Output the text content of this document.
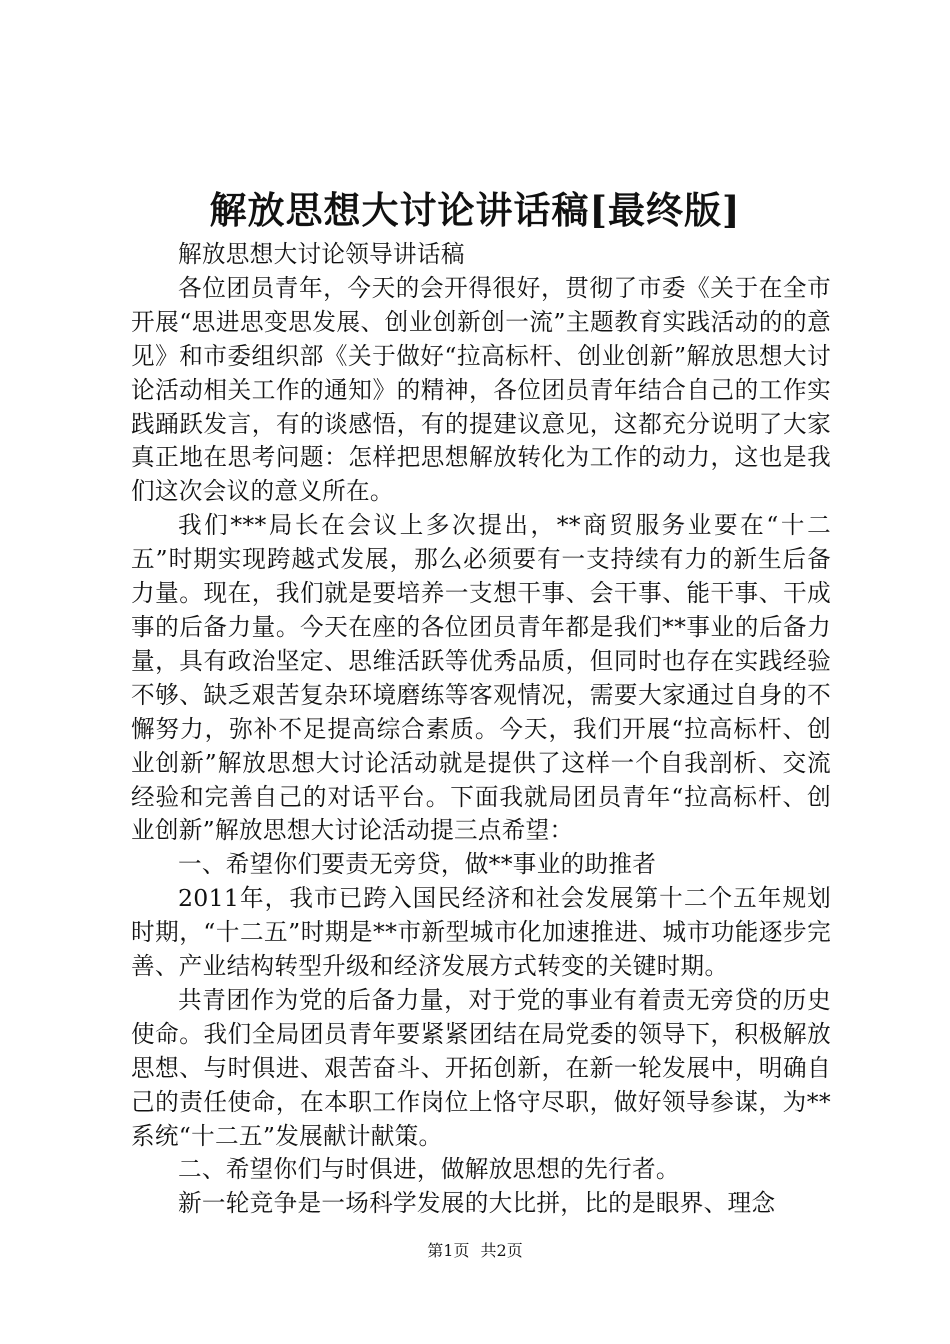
解放思想大讨论讲话稿[最终版]

解放思想大讨论领导讲话稿

各位团员青年，今天的会开得很好，贯彻了市委《关于在全市开展“思进思变思发展、创业创新创一流”主题教育实践活动的的意见》和市委组织部《关于做好“拉高标杆、创业创新”解放思想大讨论活动相关工作的通知》的精神，各位团员青年结合自己的工作实践踊跃发言，有的谈感悟，有的提建议意见，这都充分说明了大家真正地在思考问题：怎样把思想解放转化为工作的动力，这也是我们这次会议的意义所在。

我们***局长在会议上多次提出，**商贸服务业要在“十二五”时期实现跨越式发展，那么必须要有一支持续有力的新生后备力量。现在，我们就是要培养一支想干事、会干事、能干事、干成事的后备力量。今天在座的各位团员青年都是我们**事业的后备力量，具有政治坚定、思维活跃等优秀品质，但同时也存在实践经验不够、缺乏艰苦复杂环境磨练等客观情况，需要大家通过自身的不懈努力，弥补不足提高综合素质。今天，我们开展“拉高标杆、创业创新”解放思想大讨论活动就是提供了这样一个自我剖析、交流经验和完善自己的对话平台。下面我就局团员青年“拉高标杆、创业创新”解放思想大讨论活动提三点希望：

一、希望你们要责无旁贷，做**事业的助推者

2011年，我市已跨入国民经济和社会发展第十二个五年规划时期，“十二五”时期是**市新型城市化加速推进、城市功能逐步完善、产业结构转型升级和经济发展方式转变的关键时期。

共青团作为党的后备力量，对于党的事业有着责无旁贷的历史使命。我们全局团员青年要紧紧团结在局党委的领导下，积极解放思想、与时俱进、艰苦奋斗、开拓创新，在新一轮发展中，明确自己的责任使命，在本职工作岗位上恪守尽职，做好领导参谋，为**系统“十二五”发展献计献策。

二、希望你们与时俱进，做解放思想的先行者。

新一轮竞争是一场科学发展的大比拼，比的是眼界、理念

第1页 共2页
